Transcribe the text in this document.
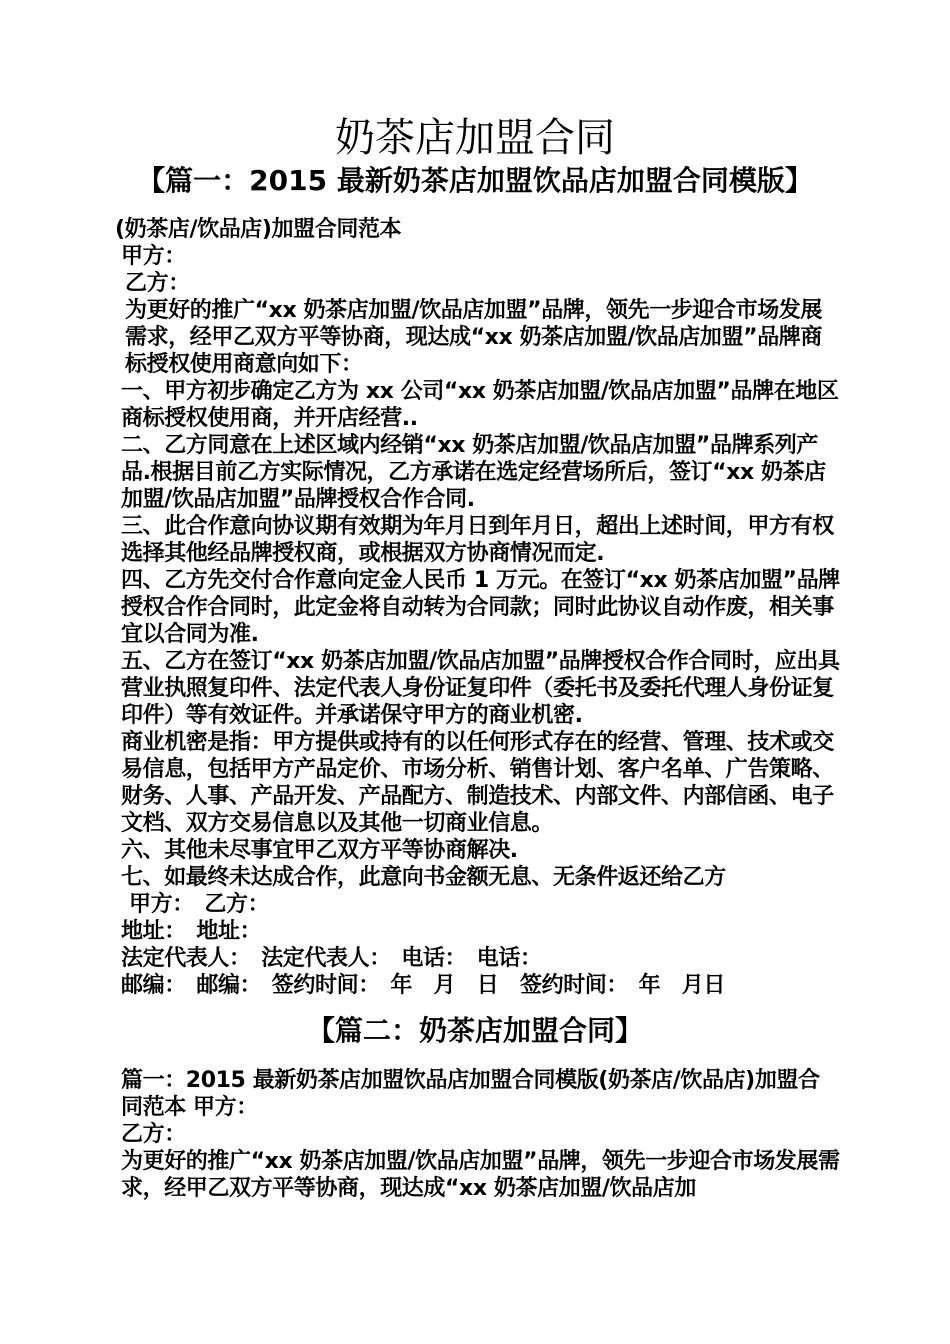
奶茶店加盟合同
【篇一：2015 最新奶茶店加盟饮品店加盟合同模版】

(奶茶店/饮品店)加盟合同范本

甲方：

乙方：

为更好的推广“xx 奶茶店加盟/饮品店加盟”品牌，领先一步迎合市场发展需求，经甲乙双方平等协商，现达成“xx 奶茶店加盟/饮品店加盟”品牌商标授权使用商意向如下：

一、甲方初步确定乙方为 xx 公司“xx 奶茶店加盟/饮品店加盟”品牌在地区商标授权使用商，并开店经营..

二、乙方同意在上述区域内经销“xx 奶茶店加盟/饮品店加盟”品牌系列产品.根据目前乙方实际情况，乙方承诺在选定经营场所后，签订“xx 奶茶店加盟/饮品店加盟”品牌授权合作合同.

三、此合作意向协议期有效期为年月日到年月日，超出上述时间，甲方有权选择其他经品牌授权商，或根据双方协商情况而定.

四、乙方先交付合作意向定金人民币 1 万元。在签订“xx 奶茶店加盟”品牌授权合作合同时，此定金将自动转为合同款；同时此协议自动作废，相关事宜以合同为准.

五、乙方在签订“xx 奶茶店加盟/饮品店加盟”品牌授权合作合同时，应出具营业执照复印件、法定代表人身份证复印件（委托书及委托代理人身份证复印件）等有效证件。并承诺保守甲方的商业机密.

商业机密是指：甲方提供或持有的以任何形式存在的经营、管理、技术或交易信息，包括甲方产品定价、市场分析、销售计划、客户名单、广告策略、财务、人事、产品开发、产品配方、制造技术、内部文件、内部信函、电子文档、双方交易信息以及其他一切商业信息。

六、其他未尽事宜甲乙双方平等协商解决.

七、如最终未达成合作，此意向书金额无息、无条件返还给乙方

甲方：　乙方：

地址：　地址：

法定代表人：　法定代表人：　电话：　电话：

邮编：　邮编：　签约时间：　年　月　日　签约时间：　年　月日

【篇二：奶茶店加盟合同】

篇一：2015 最新奶茶店加盟饮品店加盟合同模版(奶茶店/饮品店)加盟合同范本 甲方：

乙方：

为更好的推广“xx 奶茶店加盟/饮品店加盟”品牌，领先一步迎合市场发展需求，经甲乙双方平等协商，现达成“xx 奶茶店加盟/饮品店加
